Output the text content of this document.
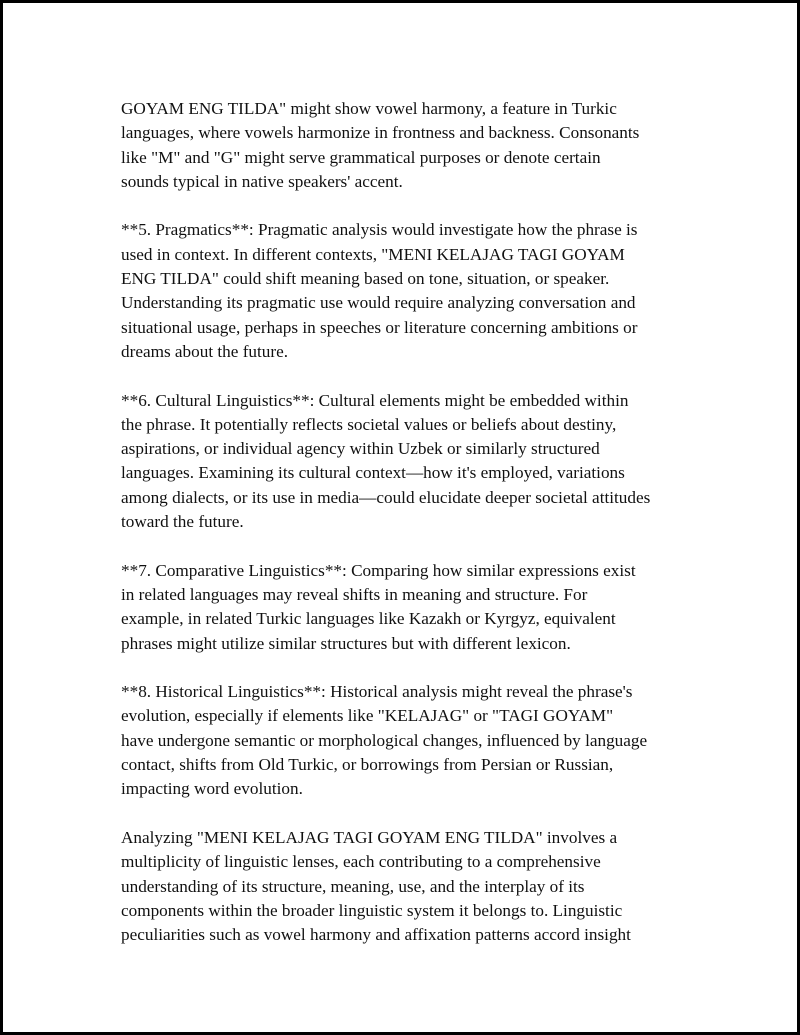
GOYAM ENG TILDA" might show vowel harmony, a feature in Turkic
languages, where vowels harmonize in frontness and backness. Consonants
like "M" and "G" might serve grammatical purposes or denote certain
sounds typical in native speakers' accent.

**5. Pragmatics**: Pragmatic analysis would investigate how the phrase is
used in context. In different contexts, "MENI KELAJAG TAGI GOYAM
ENG TILDA" could shift meaning based on tone, situation, or speaker.
Understanding its pragmatic use would require analyzing conversation and
situational usage, perhaps in speeches or literature concerning ambitions or
dreams about the future.

**6. Cultural Linguistics**: Cultural elements might be embedded within
the phrase. It potentially reflects societal values or beliefs about destiny,
aspirations, or individual agency within Uzbek or similarly structured
languages. Examining its cultural context—how it's employed, variations
among dialects, or its use in media—could elucidate deeper societal attitudes
toward the future.

**7. Comparative Linguistics**: Comparing how similar expressions exist
in related languages may reveal shifts in meaning and structure. For
example, in related Turkic languages like Kazakh or Kyrgyz, equivalent
phrases might utilize similar structures but with different lexicon.

**8. Historical Linguistics**: Historical analysis might reveal the phrase's
evolution, especially if elements like "KELAJAG" or "TAGI GOYAM"
have undergone semantic or morphological changes, influenced by language
contact, shifts from Old Turkic, or borrowings from Persian or Russian,
impacting word evolution.

Analyzing "MENI KELAJAG TAGI GOYAM ENG TILDA" involves a
multiplicity of linguistic lenses, each contributing to a comprehensive
understanding of its structure, meaning, use, and the interplay of its
components within the broader linguistic system it belongs to. Linguistic
peculiarities such as vowel harmony and affixation patterns accord insight
